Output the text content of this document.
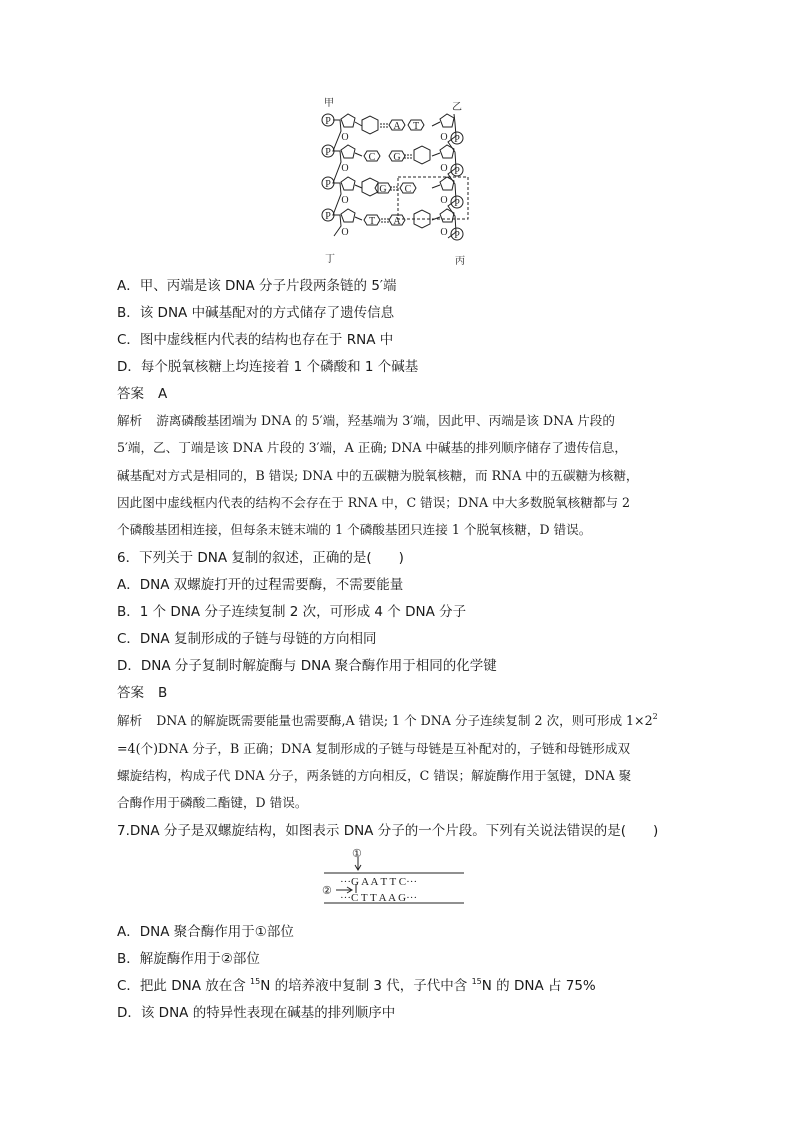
P
P
P
P
P
P
P
P
O
O
O
O
O
O
O
O
A T
C G
G C
T A
甲	乙
丙
丁
A．甲、丙端是该 DNA 分子片段两条链的 5′端
B．该 DNA 中碱基配对的方式储存了遗传信息
C．图中虚线框内代表的结构也存在于 RNA 中
D．每个脱氧核糖上均连接着 1 个磷酸和 1 个碱基
答案 A
解析 游离磷酸基团端为 DNA 的 5′端，羟基端为 3′端，因此甲、丙端是该 DNA 片段的
5′端，乙、丁端是该 DNA 片段的 3′端，A 正确; DNA 中碱基的排列顺序储存了遗传信息，
碱基配对方式是相同的，B 错误; DNA 中的五碳糖为脱氧核糖，而 RNA 中的五碳糖为核糖，
因此图中虚线框内代表的结构不会存在于 RNA 中，C 错误；DNA 中大多数脱氧核糖都与 2
个磷酸基团相连接，但每条末链末端的 1 个磷酸基团只连接 1 个脱氧核糖，D 错误。
6．下列关于 DNA 复制的叙述，正确的是(　　)
A．DNA 双螺旋打开的过程需要酶，不需要能量
B．1 个 DNA 分子连续复制 2 次，可形成 4 个 DNA 分子
C．DNA 复制形成的子链与母链的方向相同
D．DNA 分子复制时解旋酶与 DNA 聚合酶作用于相同的化学键
答案 B
解析 DNA 的解旋既需要能量也需要酶,A 错误; 1 个 DNA 分子连续复制 2 次，则可形成 $1\times 2^2$
=4(个)DNA 分子，B 正确；DNA 复制形成的子链与母链是互补配对的，子链和母链形成双
螺旋结构，构成子代 DNA 分子，两条链的方向相反，C 错误；解旋酶作用于氢键，DNA 聚
合酶作用于磷酸二酯键，D 错误。
7.DNA 分子是双螺旋结构，如图表示 DNA 分子的一个片段。下列有关说法错误的是(　　)
①
②
···G A A T T C···
···C T T A A G···
A．DNA 聚合酶作用于①部位
B．解旋酶作用于②部位
C．把此 DNA 放在含 $^{15}$N 的培养液中复制 3 代，子代中含 $^{15}$N 的 DNA 占 75%
D．该 DNA 的特异性表现在碱基的排列顺序中
